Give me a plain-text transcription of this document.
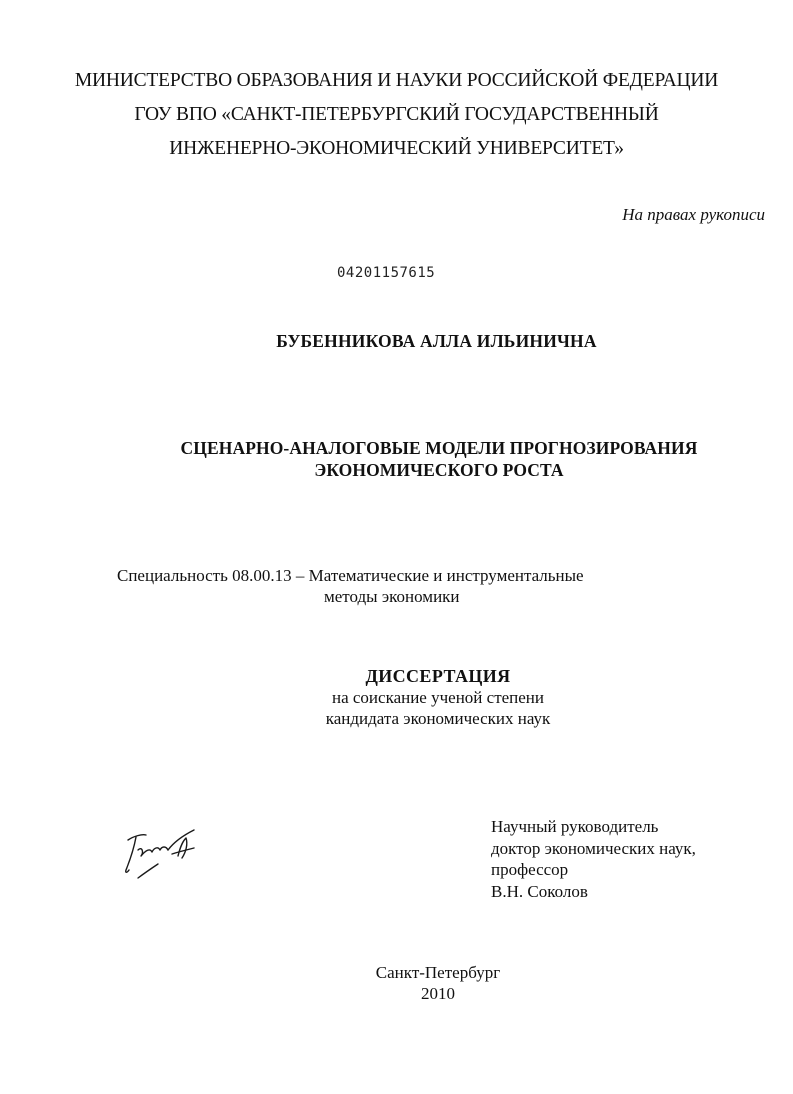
МИНИСТЕРСТВО ОБРАЗОВАНИЯ И НАУКИ РОССИЙСКОЙ ФЕДЕРАЦИИ
ГОУ ВПО «САНКТ-ПЕТЕРБУРГСКИЙ ГОСУДАРСТВЕННЫЙ
ИНЖЕНЕРНО-ЭКОНОМИЧЕСКИЙ УНИВЕРСИТЕТ»
На правах рукописи
04201157615
БУБЕННИКОВА АЛЛА ИЛЬИНИЧНА
СЦЕНАРНО-АНАЛОГОВЫЕ МОДЕЛИ ПРОГНОЗИРОВАНИЯ
ЭКОНОМИЧЕСКОГО РОСТА
Специальность 08.00.13 – Математические и инструментальные
методы экономики
ДИССЕРТАЦИЯ
на соискание ученой степени
кандидата экономических наук
Научный руководитель
доктор экономических наук,
профессор
В.Н. Соколов
Санкт-Петербург
2010
